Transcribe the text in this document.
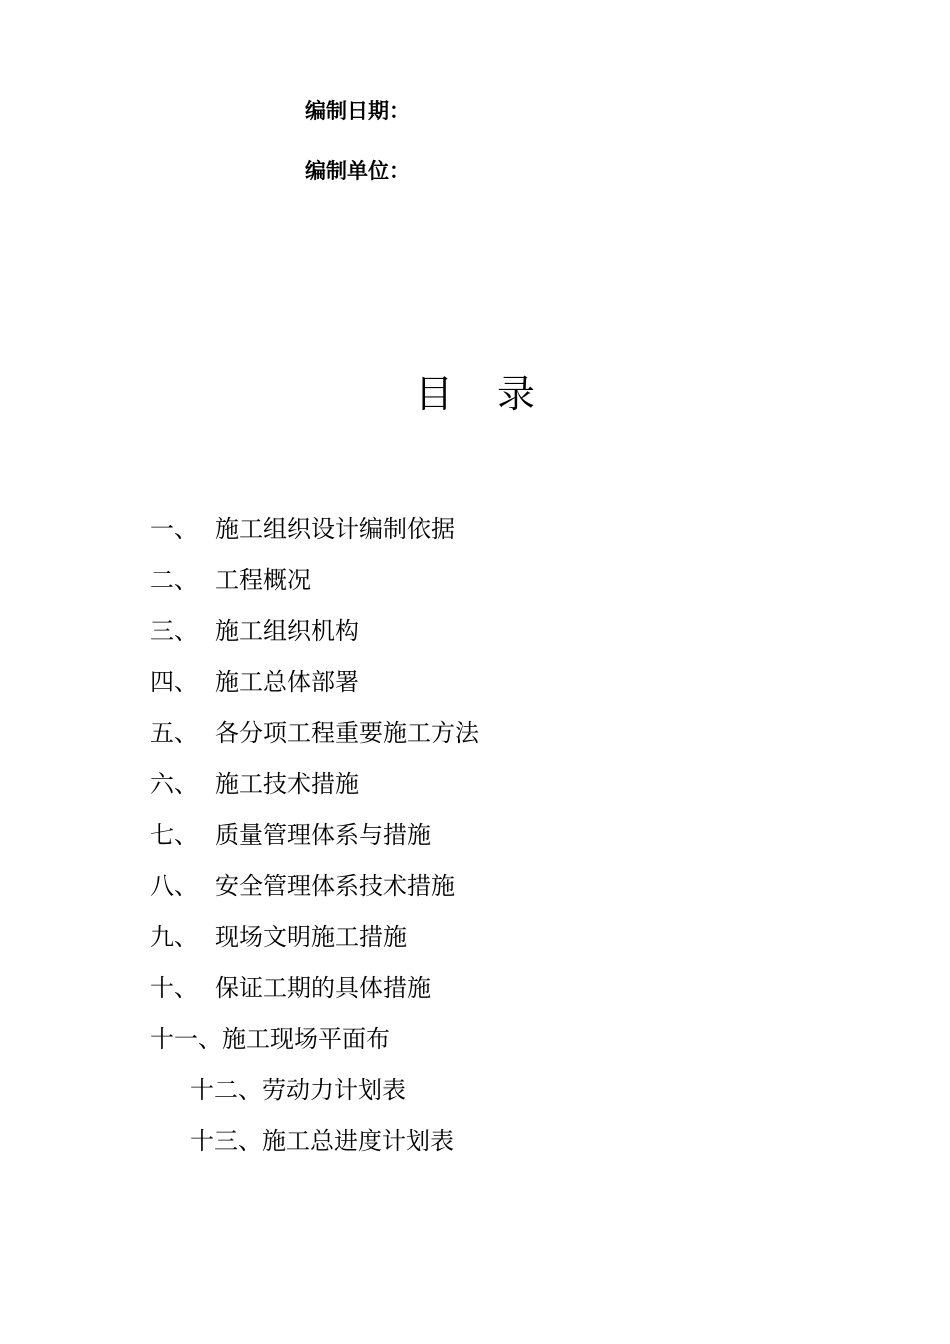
编制日期：
编制单位：
目 录
一、 施工组织设计编制依据
二、 工程概况
三、 施工组织机构
四、 施工总体部署
五、 各分项工程重要施工方法
六、 施工技术措施
七、 质量管理体系与措施
八、 安全管理体系技术措施
九、 现场文明施工措施
十、 保证工期的具体措施
十一、 施工现场平面布
十二、 劳动力计划表
十三、 施工总进度计划表
